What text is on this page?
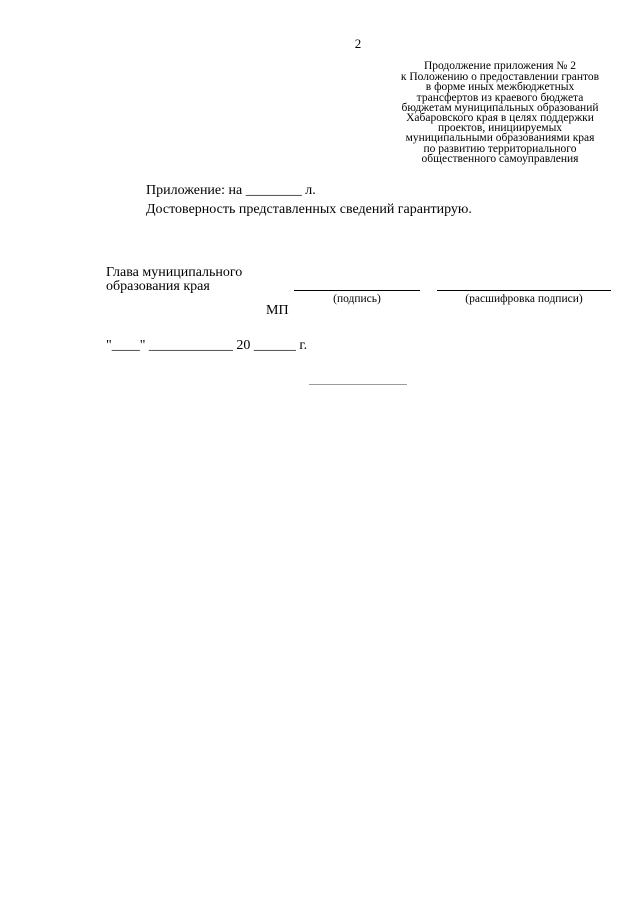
2
Продолжение приложения № 2
к Положению о предоставлении грантов
в форме иных межбюджетных
трансфертов из краевого бюджета
бюджетам муниципальных образований
Хабаровского края в целях поддержки
проектов, инициируемых
муниципальными образованиями края
по развитию территориального
общественного самоуправления
Приложение: на ________ л.
Достоверность представленных сведений гарантирую.
Глава муниципального
образования края
(подпись)	(расшифровка подписи)
МП
"____" ____________ 20 ______ г.
